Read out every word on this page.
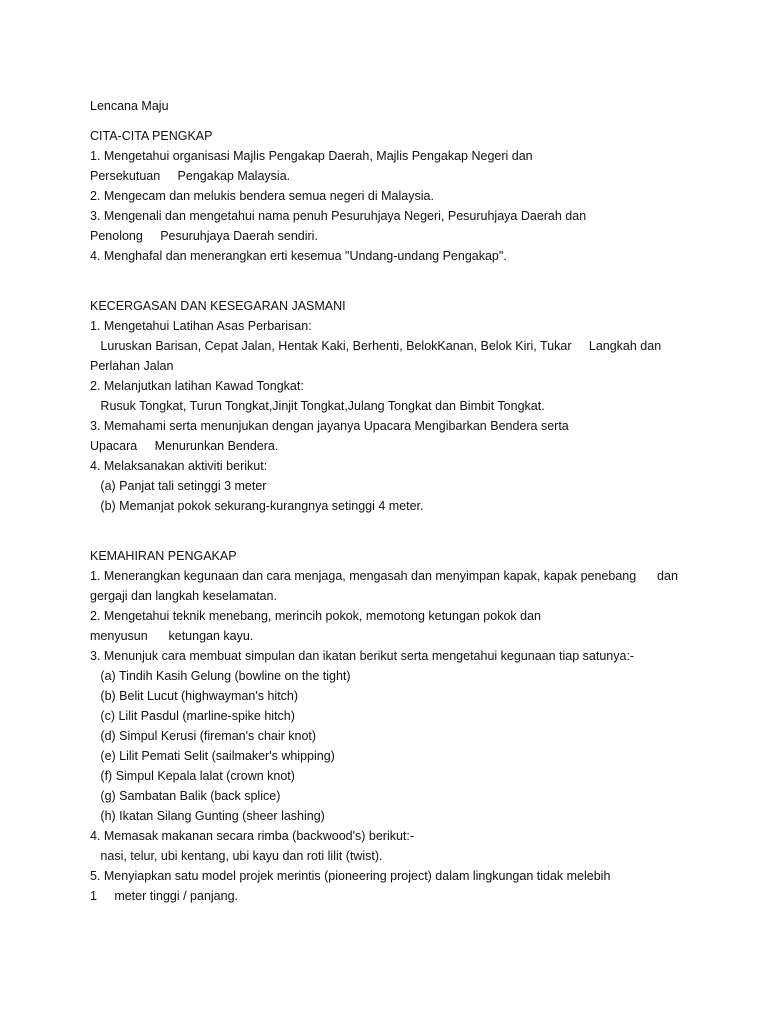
Lencana Maju
CITA-CITA PENGKAP
1. Mengetahui organisasi Majlis Pengakap Daerah, Majlis Pengakap Negeri dan
Persekutuan     Pengakap Malaysia.
2. Mengecam dan melukis bendera semua negeri di Malaysia.
3. Mengenali dan mengetahui nama penuh Pesuruhjaya Negeri, Pesuruhjaya Daerah dan
Penolong     Pesuruhjaya Daerah sendiri.
4. Menghafal dan menerangkan erti kesemua "Undang-undang Pengakap".
KECERGASAN DAN KESEGARAN JASMANI
1. Mengetahui Latihan Asas Perbarisan:
Luruskan Barisan, Cepat Jalan, Hentak Kaki, Berhenti, BelokKanan, Belok Kiri, Tukar     Langkah dan
Perlahan Jalan
2. Melanjutkan latihan Kawad Tongkat:
Rusuk Tongkat, Turun Tongkat,Jinjit Tongkat,Julang Tongkat dan Bimbit Tongkat.
3. Memahami serta menunjukan dengan jayanya Upacara Mengibarkan Bendera serta
Upacara     Menurunkan Bendera.
4. Melaksanakan aktiviti berikut:
(a) Panjat tali setinggi 3 meter
(b) Memanjat pokok sekurang-kurangnya setinggi 4 meter.
KEMAHIRAN PENGAKAP
1. Menerangkan kegunaan dan cara menjaga, mengasah dan menyimpan kapak, kapak penebang      dan
gergaji dan langkah keselamatan.
2. Mengetahui teknik menebang, merincih pokok, memotong ketungan pokok dan
menyusun      ketungan kayu.
3. Menunjuk cara membuat simpulan dan ikatan berikut serta mengetahui kegunaan tiap satunya:-
(a) Tindih Kasih Gelung (bowline on the tight)
(b) Belit Lucut (highwayman's hitch)
(c) Lilit Pasdul (marline-spike hitch)
(d) Simpul Kerusi (fireman's chair knot)
(e) Lilit Pemati Selit (sailmaker's whipping)
(f) Simpul Kepala lalat (crown knot)
(g) Sambatan Balik (back splice)
(h) Ikatan Silang Gunting (sheer lashing)
4. Memasak makanan secara rimba (backwood's) berikut:-
nasi, telur, ubi kentang, ubi kayu dan roti lilit (twist).
5. Menyiapkan satu model projek merintis (pioneering project) dalam lingkungan tidak melebih
1     meter tinggi / panjang.
